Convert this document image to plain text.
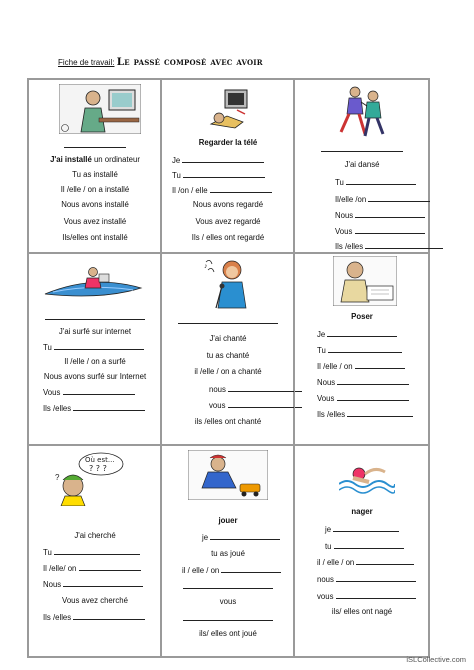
Fiche de travail: Le passé composé avec avoir
J'ai installé un ordinateur
Tu as installé
Il /elle / on a installé
Nous avons installé
Vous avez installé
Ils/elles ont installé
Regarder la télé
Je
Tu
Il /on / elle
Nous avons regardé
Vous avez regardé
Ils / elles ont regardé
J'ai dansé
Tu
Il/elle /on
Nous
Vous
Ils /elles
J'ai surfé sur internet
Tu
Il /elle / on a surfé
Nous avons surfé sur Internet
Vous
Ils /elles
♪
J'ai chanté
tu as chanté
il /elle / on a chanté
nous
vous
ils /elles ont chanté
Poser
Je
Tu
Il /elle / on
Nous
Vous
Ils /elles
Où est...
? ? ?
?
J'ai cherché
Tu
Il /elle/ on
Nous
Vous avez cherché
Ils /elles
jouer
je
tu as joué
il / elle / on
vous
ils/ elles ont joué
nager
je
tu
il / elle / on
nous
vous
ils/ elles ont nagé
iSLCollective.com
